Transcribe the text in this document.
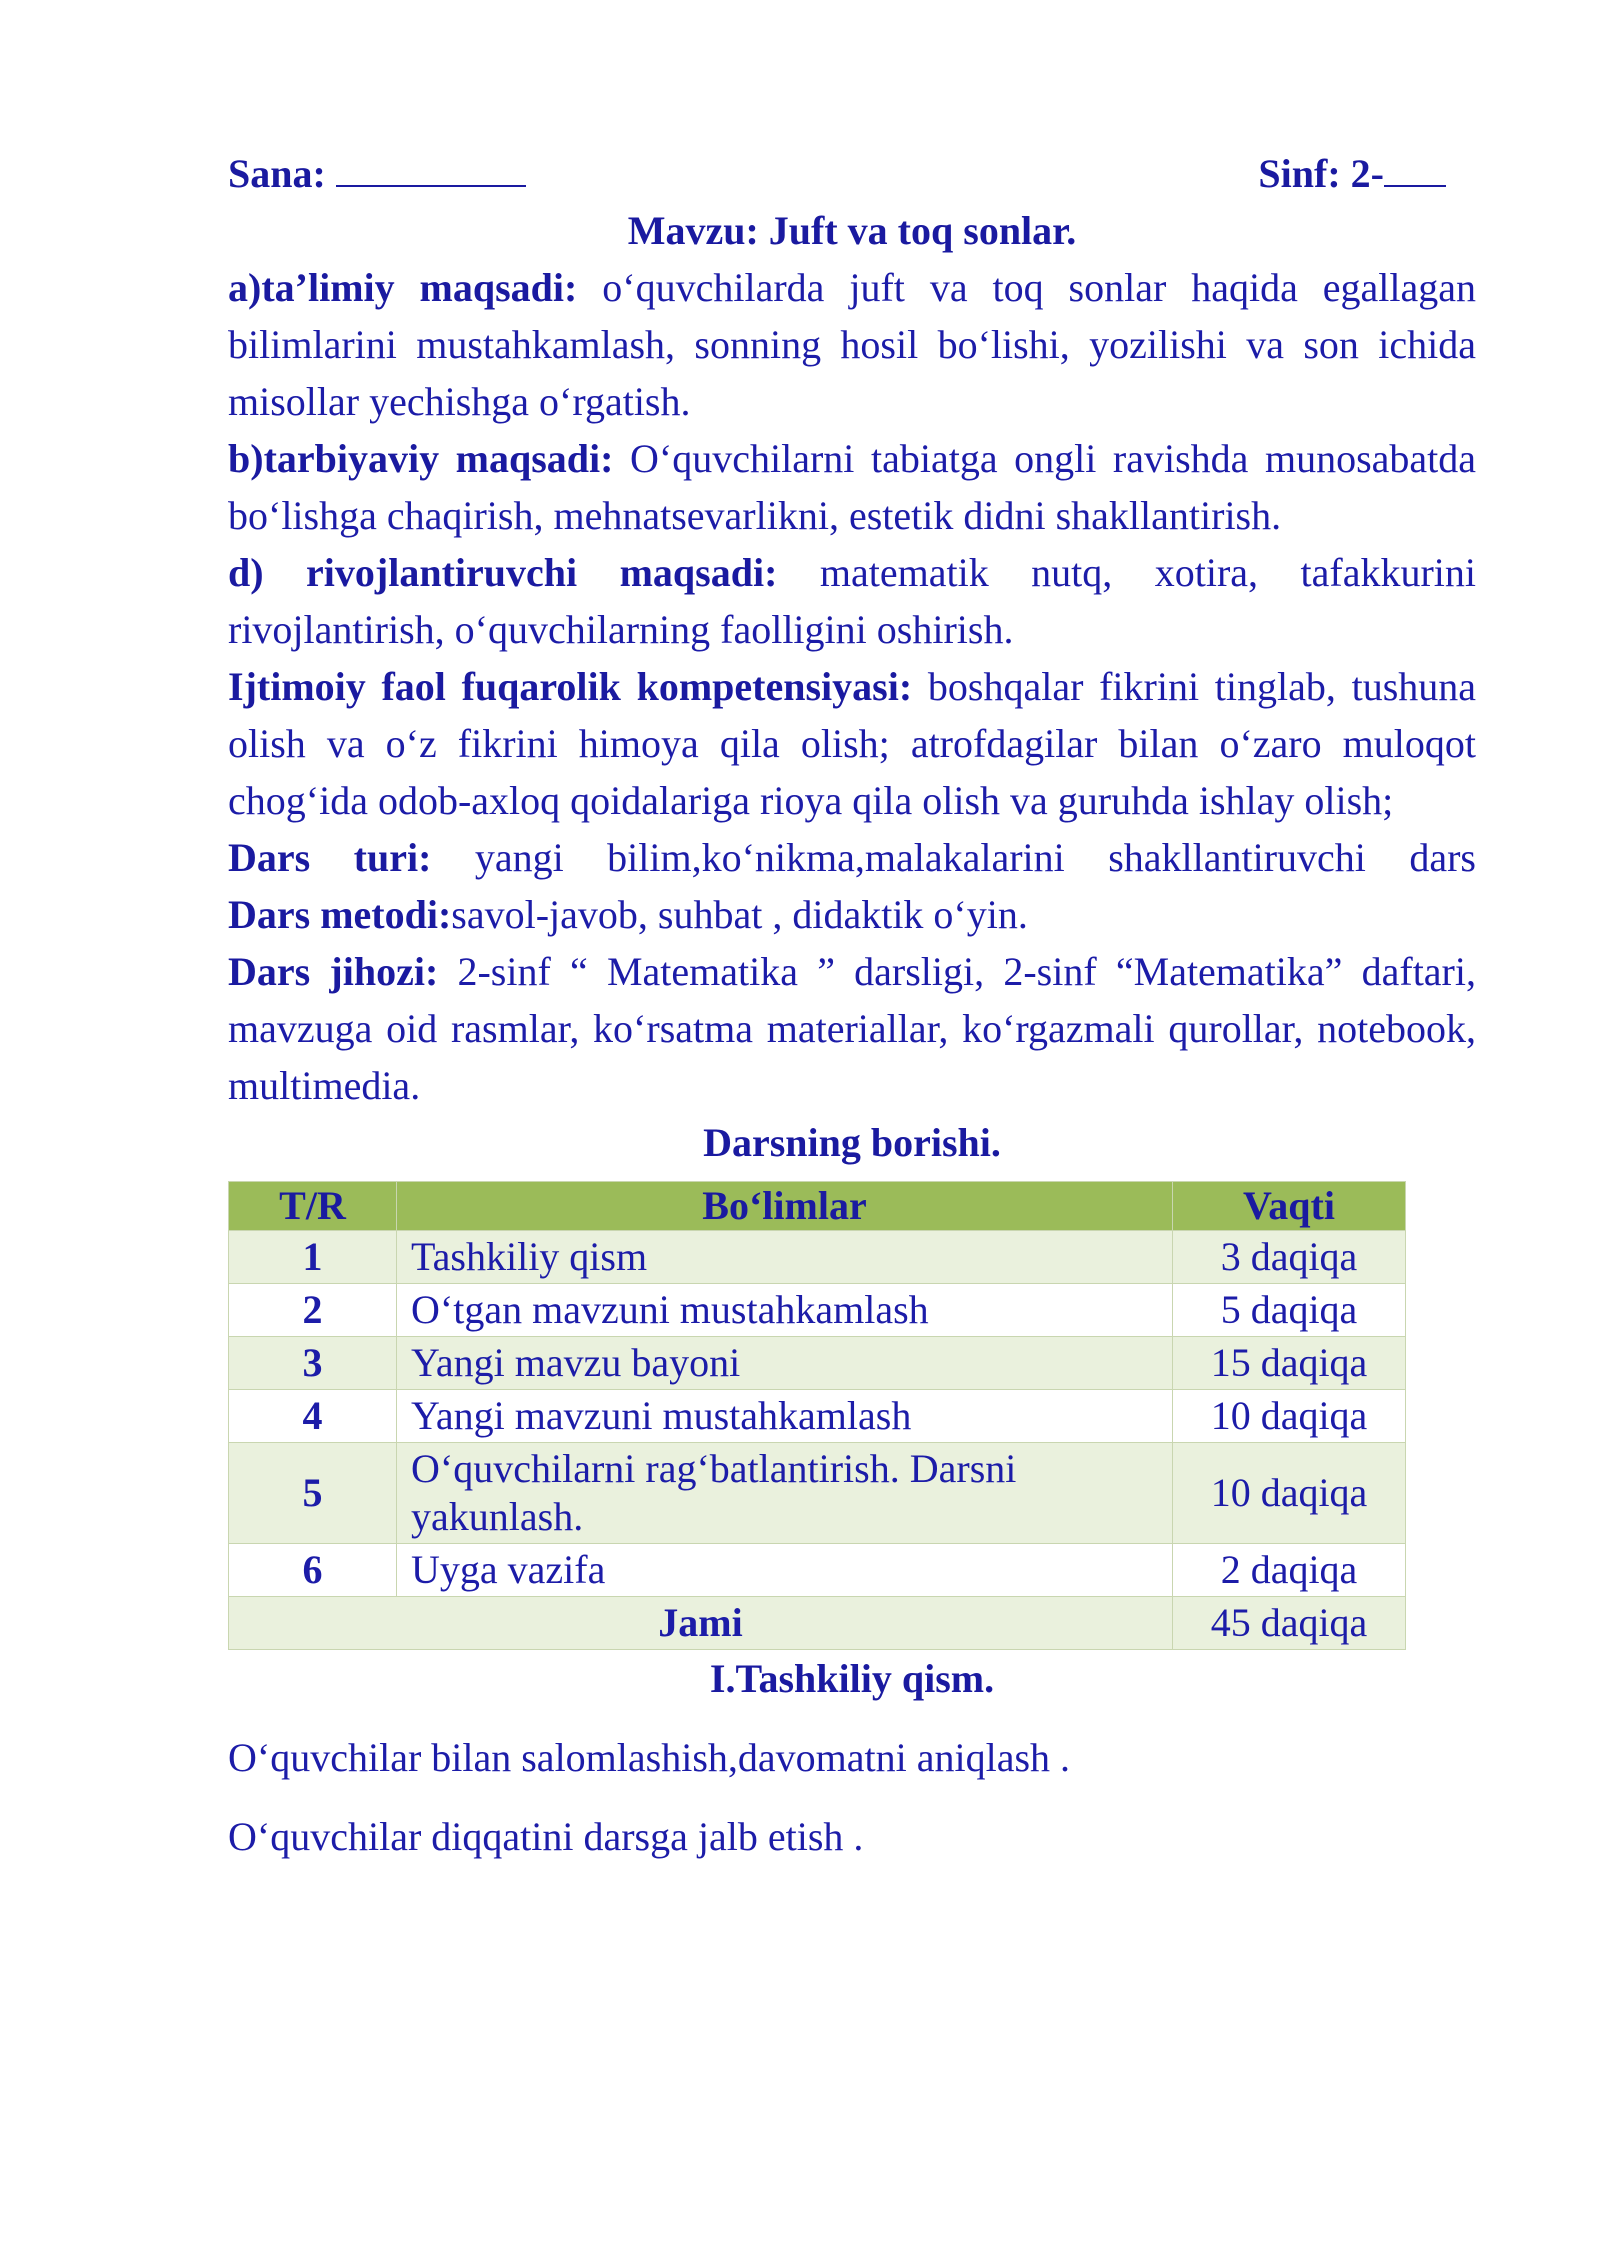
Sana:	Sinf: 2-
Mavzu: Juft va toq sonlar.
a)ta’limiy maqsadi: o‘quvchilarda juft va toq sonlar haqida egallagan bilimlarini mustahkamlash, sonning hosil bo‘lishi, yozilishi va son ichida misollar yechishga o‘rgatish.
b)tarbiyaviy maqsadi: O‘quvchilarni tabiatga ongli ravishda munosabatda bo‘lishga chaqirish, mehnatsevarlikni, estetik didni shakllantirish.
d) rivojlantiruvchi maqsadi: matematik nutq, xotira, tafakkurini rivojlantirish, o‘quvchilarning faolligini oshirish.
Ijtimoiy faol fuqarolik kompetensiyasi: boshqalar fikrini tinglab, tushuna olish va o‘z fikrini himoya qila olish; atrofdagilar bilan o‘zaro muloqot chog‘ida odob-axloq qoidalariga rioya qila olish va guruhda ishlay olish;
Dars turi: yangi bilim,ko‘nikma,malakalarini shakllantiruvchi dars
Dars metodi:savol-javob, suhbat , didaktik o‘yin.
Dars jihozi: 2-sinf “ Matematika ” darsligi, 2-sinf “Matematika” daftari, mavzuga oid rasmlar, ko‘rsatma materiallar, ko‘rgazmali qurollar, notebook, multimedia.
Darsning borishi.
T/R	Bo‘limlar	Vaqti
1	Tashkiliy qism	3 daqiqa
2	O‘tgan mavzuni mustahkamlash	5 daqiqa
3	Yangi mavzu bayoni	15 daqiqa
4	Yangi mavzuni mustahkamlash	10 daqiqa
5	O‘quvchilarni rag‘batlantirish. Darsni yakunlash.	10 daqiqa
6	Uyga vazifa	2 daqiqa
Jami		45 daqiqa
I.Tashkiliy qism.
O‘quvchilar bilan salomlashish,davomatni aniqlash .
O‘quvchilar diqqatini darsga jalb etish .
